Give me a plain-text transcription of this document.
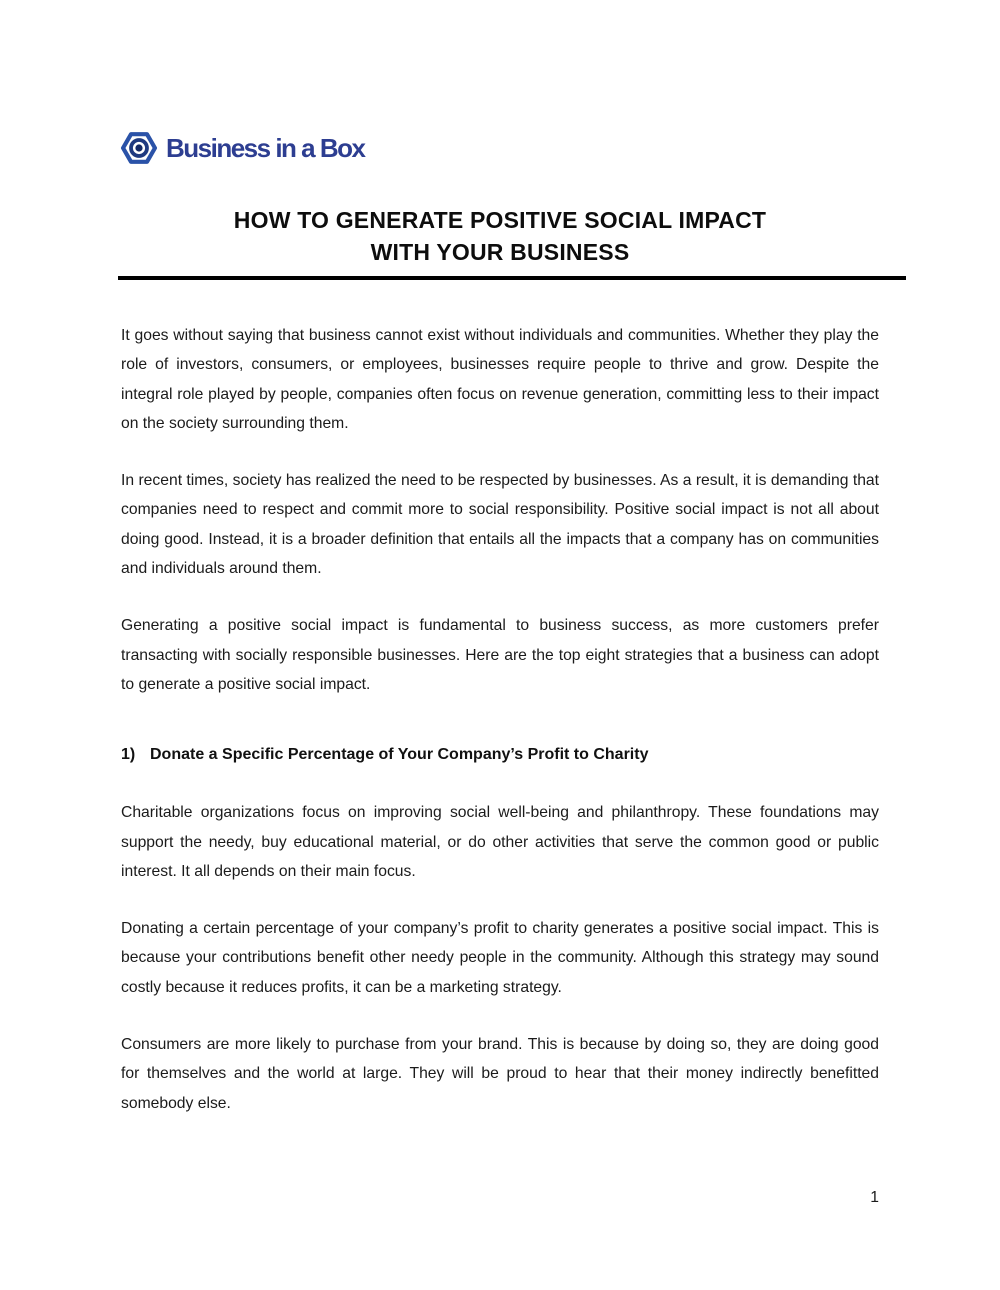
Business in a Box
HOW TO GENERATE POSITIVE SOCIAL IMPACT
WITH YOUR BUSINESS

It goes without saying that business cannot exist without individuals and communities. Whether they play the role of investors, consumers, or employees, businesses require people to thrive and grow. Despite the integral role played by people, companies often focus on revenue generation, committing less to their impact on the society surrounding them.

In recent times, society has realized the need to be respected by businesses. As a result, it is demanding that companies need to respect and commit more to social responsibility. Positive social impact is not all about doing good. Instead, it is a broader definition that entails all the impacts that a company has on communities and individuals around them.

Generating a positive social impact is fundamental to business success, as more customers prefer transacting with socially responsible businesses. Here are the top eight strategies that a business can adopt to generate a positive social impact.

1) Donate a Specific Percentage of Your Company’s Profit to Charity

Charitable organizations focus on improving social well-being and philanthropy. These foundations may support the needy, buy educational material, or do other activities that serve the common good or public interest. It all depends on their main focus.

Donating a certain percentage of your company’s profit to charity generates a positive social impact. This is because your contributions benefit other needy people in the community. Although this strategy may sound costly because it reduces profits, it can be a marketing strategy.

Consumers are more likely to purchase from your brand. This is because by doing so, they are doing good for themselves and the world at large. They will be proud to hear that their money indirectly benefitted somebody else.

1
